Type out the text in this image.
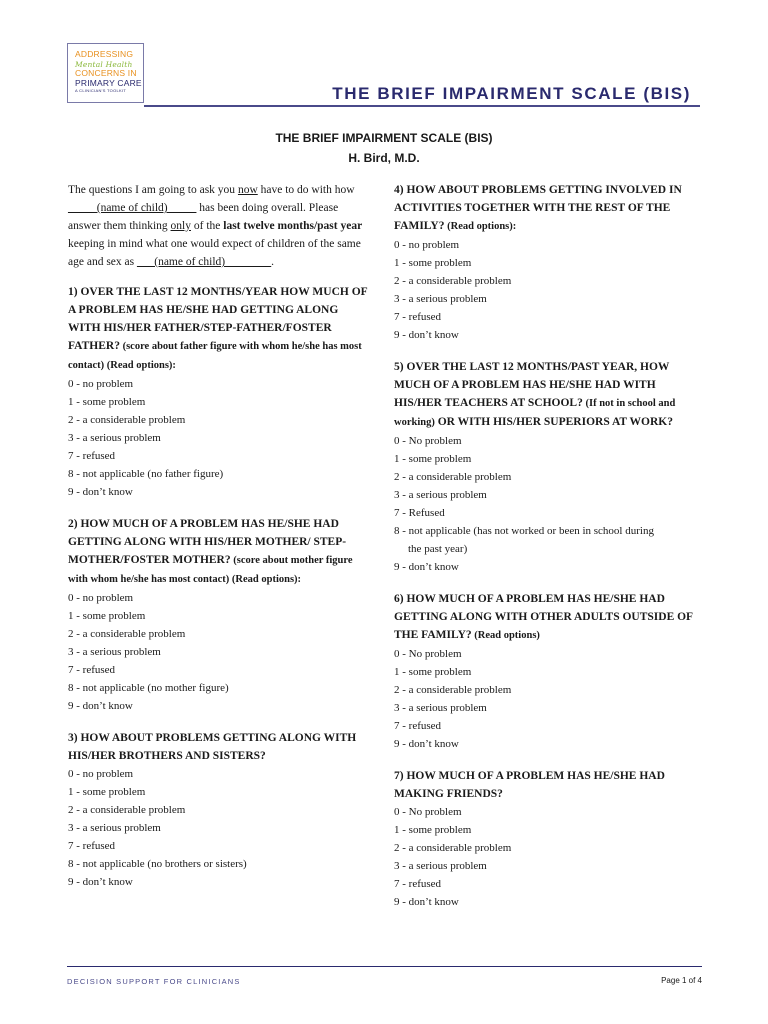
ADDRESSING
Mental Health
CONCERNS IN
PRIMARY CARE
A CLINICIAN'S TOOLKIT	THE BRIEF IMPAIRMENT SCALE (BIS)
THE BRIEF IMPAIRMENT SCALE (BIS)
H. Bird, M.D.

The questions I am going to ask you now have to do with how _____(name of child)_____ has been doing overall. Please answer them thinking only of the last twelve months/past year keeping in mind what one would expect of children of the same age and sex as ___(name of child)________.

1) OVER THE LAST 12 MONTHS/YEAR HOW MUCH OF A PROBLEM HAS HE/SHE HAD GETTING ALONG WITH HIS/HER FATHER/STEP-FATHER/FOSTER FATHER? (score about father figure with whom he/she has most contact) (Read options):
0 - no problem
1 - some problem
2 - a considerable problem
3 - a serious problem
7 - refused
8 - not applicable (no father figure)
9 - don’t know
2) HOW MUCH OF A PROBLEM HAS HE/SHE HAD GETTING ALONG WITH HIS/HER MOTHER/ STEP-MOTHER/FOSTER MOTHER? (score about mother figure with whom he/she has most contact) (Read options):
0 - no problem
1 - some problem
2 - a considerable problem
3 - a serious problem
7 - refused
8 - not applicable (no mother figure)
9 - don’t know
3) HOW ABOUT PROBLEMS GETTING ALONG WITH HIS/HER BROTHERS AND SISTERS?
0 - no problem
1 - some problem
2 - a considerable problem
3 - a serious problem
7 - refused
8 - not applicable (no brothers or sisters)
9 - don’t know
4) HOW ABOUT PROBLEMS GETTING INVOLVED IN ACTIVITIES TOGETHER WITH THE REST OF THE FAMILY? (Read options):
0 - no problem
1 - some problem
2 - a considerable problem
3 - a serious problem
7 - refused
9 - don’t know
5) OVER THE LAST 12 MONTHS/PAST YEAR, HOW MUCH OF A PROBLEM HAS HE/SHE HAD WITH HIS/HER TEACHERS AT SCHOOL? (If not in school and working) OR WITH HIS/HER SUPERIORS AT WORK?
0 - No problem
1 - some problem
2 - a considerable problem
3 - a serious problem
7 - Refused
8 - not applicable (has not worked or been in school during
the past year)
9 - don’t know
6) HOW MUCH OF A PROBLEM HAS HE/SHE HAD GETTING ALONG WITH OTHER ADULTS OUTSIDE OF THE FAMILY? (Read options)
0 - No problem
1 - some problem
2 - a considerable problem
3 - a serious problem
7 - refused
9 - don’t know
7) HOW MUCH OF A PROBLEM HAS HE/SHE HAD MAKING FRIENDS?
0 - No problem
1 - some problem
2 - a considerable problem
3 - a serious problem
7 - refused
9 - don’t know
DECISION SUPPORT FOR CLINICIANS	Page 1 of 4
